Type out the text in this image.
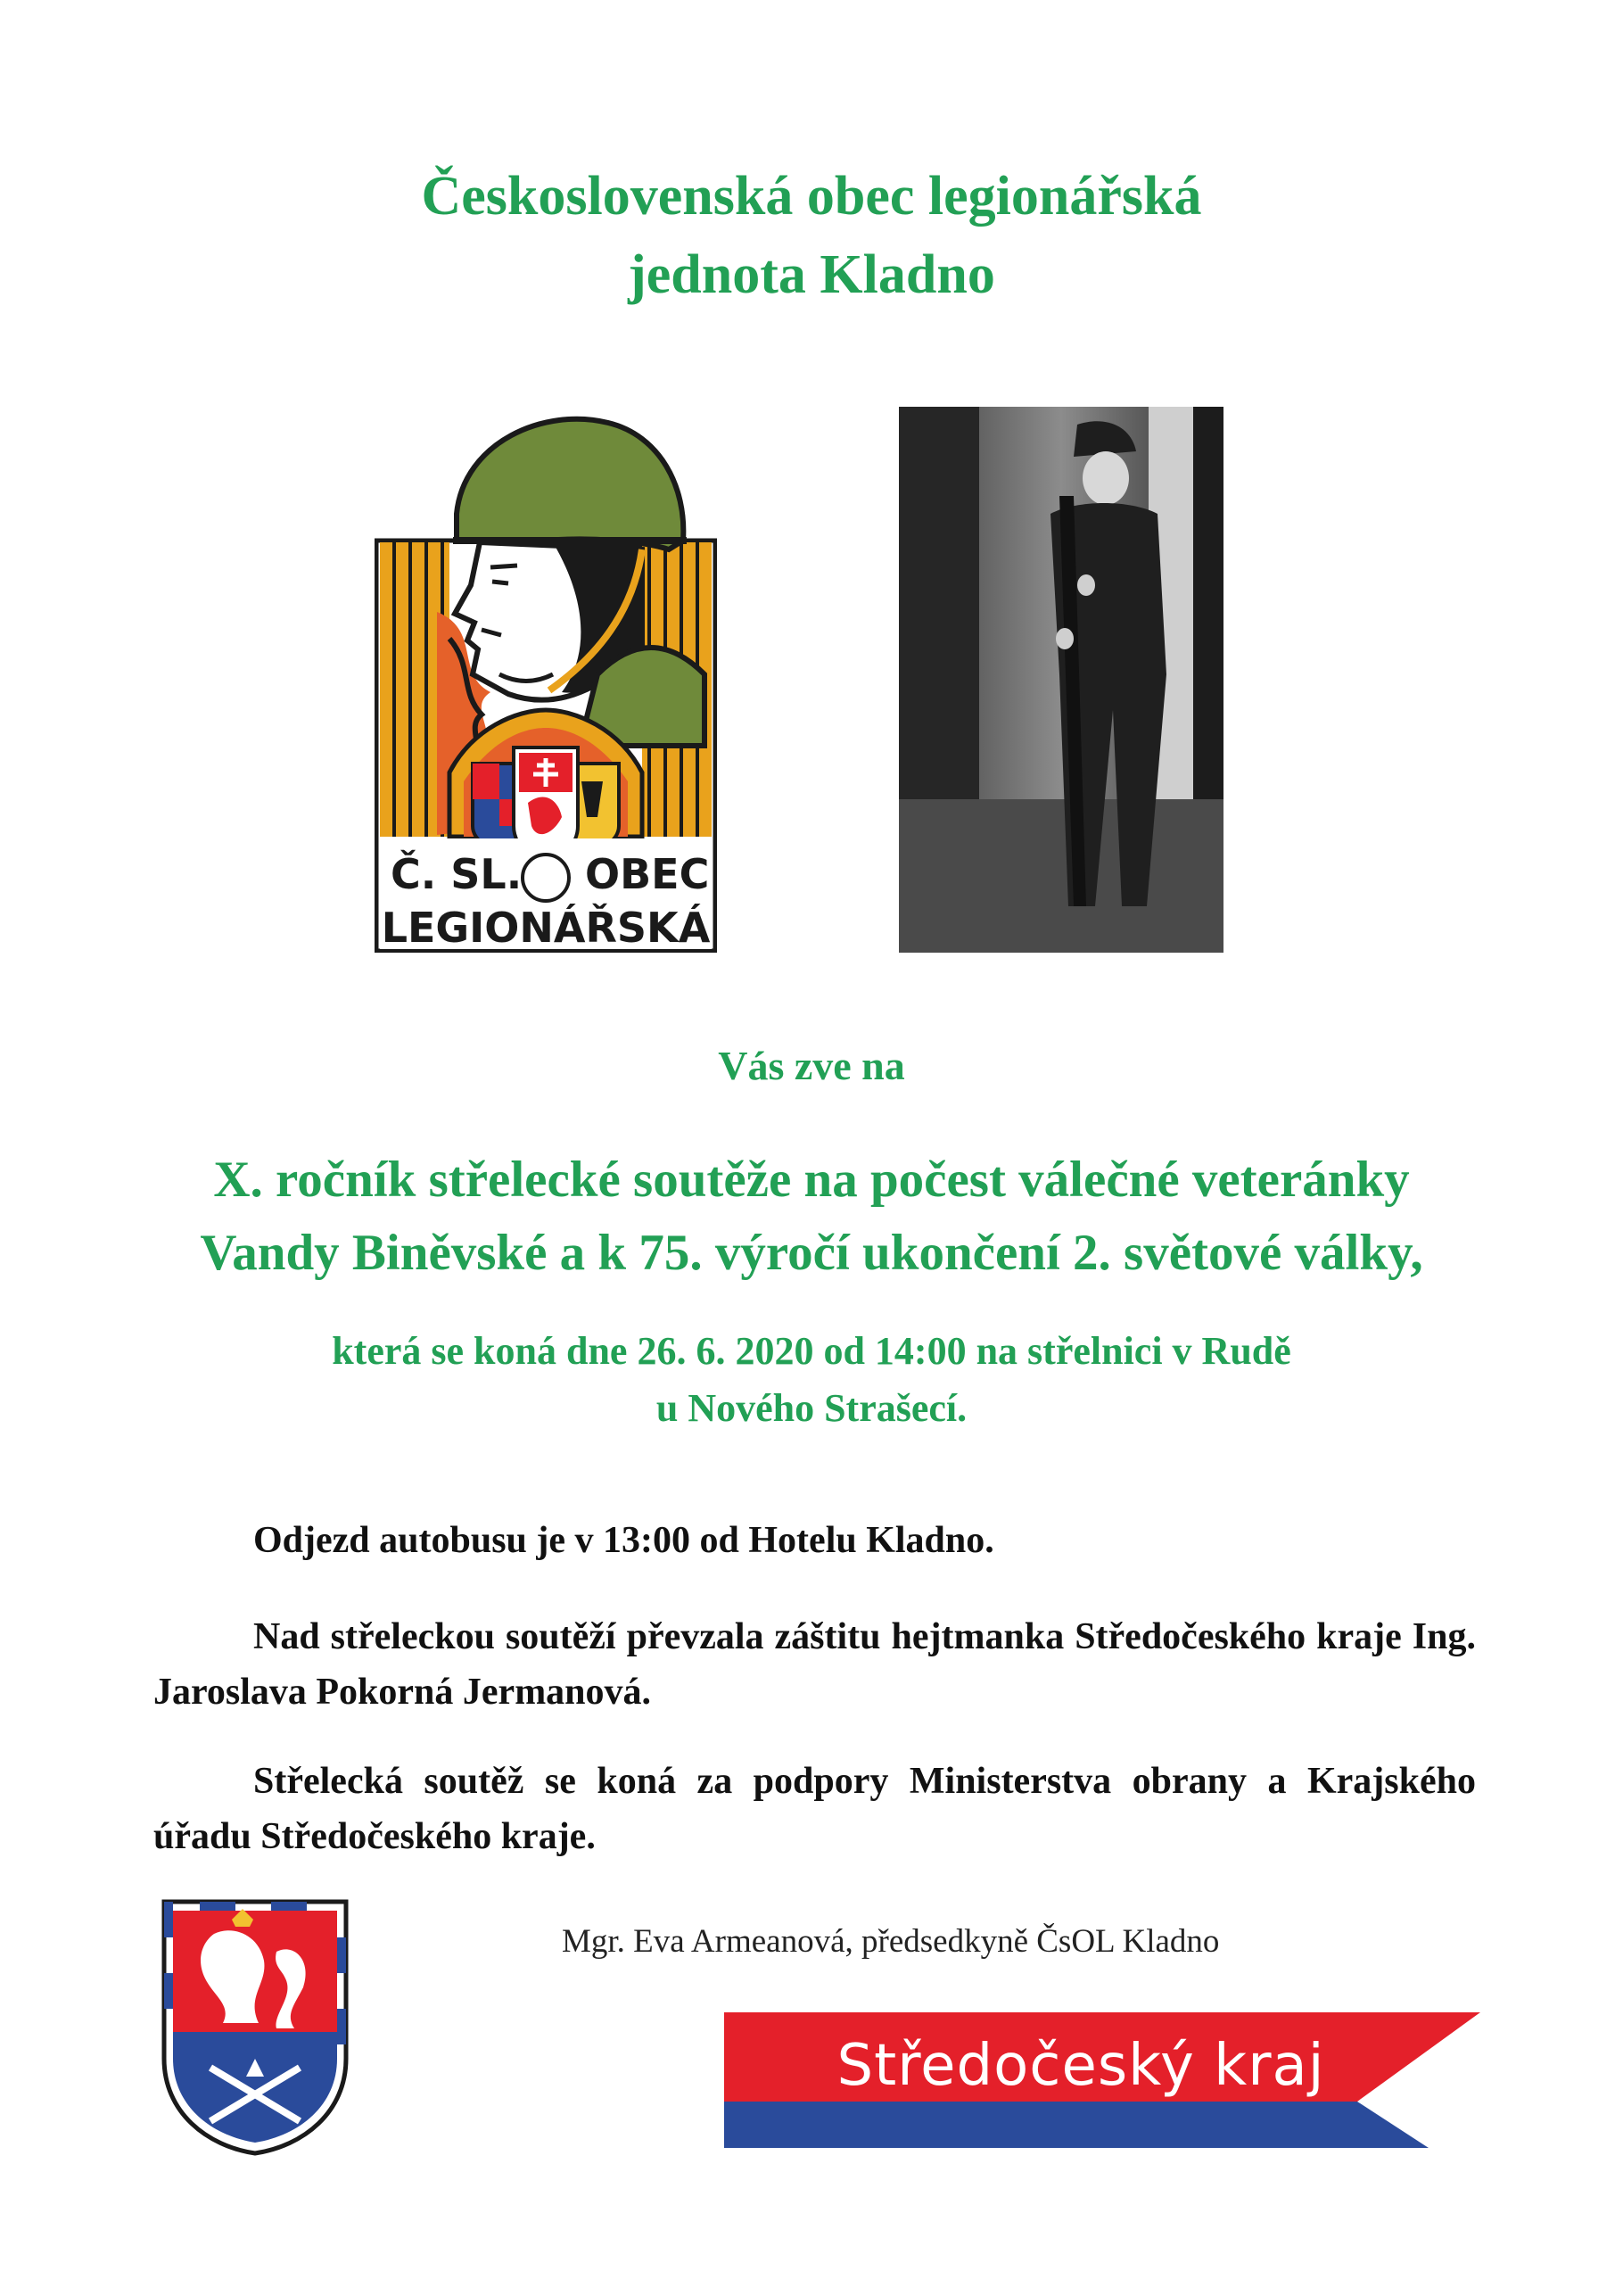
Československá obec legionářská
jednota Kladno
Č. SL. OBEC
LEGIONÁŘSKÁ
Vás zve na
X. ročník střelecké soutěže na počest válečné veteránky
Vandy Biněvské a k 75. výročí ukončení 2. světové války,
která se koná dne 26. 6. 2020 od 14:00 na střelnici v Rudě
u Nového Strašecí.

Odjezd autobusu je v 13:00 od Hotelu Kladno.

Nad střeleckou soutěží převzala záštitu hejtmanka Středočeského kraje Ing. Jaroslava Pokorná Jermanová.

Střelecká soutěž se koná za podpory Ministerstva obrany a Krajského úřadu Středočeského kraje.

Mgr. Eva Armeanová, předsedkyně ČsOL Kladno
Středočeský kraj
